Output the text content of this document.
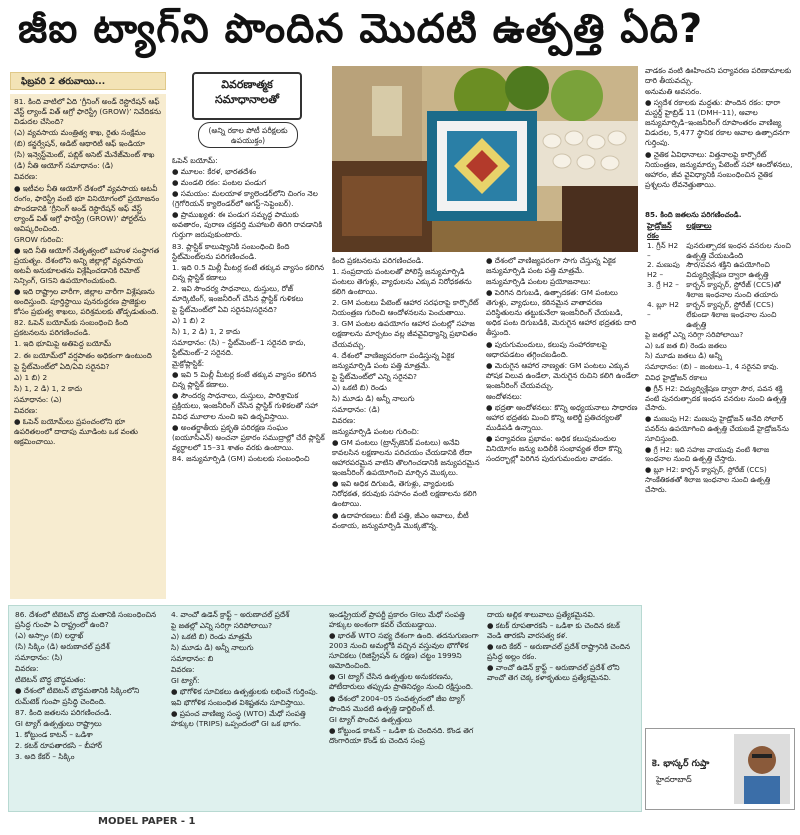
జీఐ ట్యాగ్‌ని పొందిన మొదటి ఉత్పత్తి ఏది?
ఫిబ్రవరి 2 తరువాయి...

81. కింది వాటిలో ఏది ‘గ్రీనింగ్ అండ్ రెస్టొరేషన్ ఆఫ్ వేస్ట్ ల్యాండ్ విత్ ఆగ్రో ఫారెస్ట్రీ (GROW)’ నివేదికను విడుదల చేసింది?

(ఎ) వ్యవసాయ మంత్రిత్వ శాఖ, రైతు సంక్షేమం

(బి) కన్జర్వేషన్, ఆడిట్ ఆథారిటీ ఆఫ్ ఇండియా

(సి) ఇన్వెస్ట్‌మెంట్, పబ్లిక్ అసెట్ మేనేజ్‌మెంట్ శాఖ

(డి) నీతి ఆయోగ్ సమాధానం: (డి)

వివరణ:

● ఇటీవల నీతి ఆయోగ్ దేశంలో వ్యవసాయ అటవీ రంగం, ఫారెస్ట్రీ వంటి భూ వినియోగంలో ప్రయోజనం పొందడానికి ‘గ్రీనింగ్ అండ్ రెస్టొరేషన్ ఆఫ్ వేస్ట్ ల్యాండ్ విత్ ఆగ్రో ఫారెస్ట్రీ (GROW)’ పోర్టల్‌ను ఆవిష్కరించింది.

GROW గురించి:

● ఇది నీతి ఆయోగ్ నేతృత్వంలో బహుళ సంస్థాగత ప్రయత్నం. దేశంలోని అన్ని జిల్లాల్లో వ్యవసాయ అటవీ అనుకూలతను విశ్లేషించడానికి రిమోట్ సెన్సింగ్, GISని ఉపయోగించుకుంది.

● ఇది రాష్ట్రాల వారీగా, జిల్లాల వారీగా విశ్లేషణను అందిస్తుంది. పూర్తిస్థాయి పునరుద్ధరణ ప్రాజెక్టుల కోసం ప్రభుత్వ శాఖలు, పరిశ్రమలకు తోడ్పడుతుంది.

82. ఓపెన్ బయోమ్‌కు సంబంధించి కింది ప్రకటనలను పరిగణించండి.

1. ఇది భూమిపై అతిపెద్ద బయోమ్

2. ఈ బయోమ్‌లో వర్షపాతం అధికంగా ఉంటుంది

పై స్టేట్‌మెంట్‌లో ఏది/ఏవి సరైనవి?

ఎ) 1 బి) 2

సి) 1, 2 డి) 1, 2 కాదు

సమాధానం: (ఎ)

వివరణ:

● ఓపెన్ బయోమ్‌లు ప్రపంచంలోని భూ ఉపరితలంలో దాదాపు మూడింట ఒక వంతు ఆక్రమించాయి.

వివరణాత్మక సమాధానాలతో
(అన్ని రకాల పోటీ పరీక్షలకు ఉపయుక్తం)

ఓపెన్ బయోమ్:

● మూలం: కేరళ, భారతదేశం

● మండలి రకం: పంటల పండుగ

● సమయం: మలయాళ క్యాలెండర్‌లోని చింగం నెల (గ్రెగోరియన్ క్యాలెండర్‌లో ఆగస్ట్–సెప్టెంబర్).

● ప్రాముఖ్యత: ఈ పండుగ సమృద్ధ పాముకు అవతారం, పురాణ చక్రవర్తి మహాబలి తిరిగి రావడానికి గుర్తుగా జరుపుకుంటారు.

83. ప్లాస్టిక్ కాలుష్యానికి సంబంధించి కింది స్టేట్‌మెంట్‌లను పరిగణించండి.

1. ఇది 0.5 మిల్లీ మీటర్ల కంటే తక్కువ వ్యాసం కలిగిన చిన్న ప్లాస్టిక్ కణాలు

2. ఇవి సౌందర్య సాధనాలు, దుస్తులు, రోజ్ మార్కెటింగ్, ఇంజనీరింగ్ చేసిన ప్లాస్టిక్ గుళికలు

పై స్టేట్‌మెంట్‌లో ఏవి సరైనవి/సరైనది?

ఎ) 1 బి) 2

సి) 1, 2 డి) 1, 2 కాదు

సమాధానం: (సి) – స్టేట్‌మెంట్–1 సరైనది కాదు, స్టేట్‌మెంట్–2 సరైనది.

మైక్రోప్లాస్టిక్:

● ఇవి 5 మిల్లీ మీటర్ల కంటే తక్కువ వ్యాసం కలిగిన చిన్న ప్లాస్టిక్ కణాలు.

● సౌందర్య సాధనాలు, దుస్తులు, పారిశ్రామిక ప్రక్రియలు, ఇంజనీరింగ్ చేసిన ప్లాస్టిక్ గుళికలతో సహా వివిధ మూలాల నుంచి ఇవి ఉద్భవిస్తాయి.

● అంతర్జాతీయ ప్రకృతి పరిరక్షణ సంఘం (ఐయూసీఎన్) అంచనా ప్రకారం సముద్రాల్లో చేరే ప్లాస్టిక్ వ్యర్థాలలో 15–31 శాతం వరకు ఉంటాయి.

84. జన్యుమార్పిడి (GM) పంటలకు సంబంధించి

కింది ప్రకటనలను పరిగణించండి.

1. సంప్రదాయ పంటలతో పోలిస్తే జన్యుమార్పిడి పంటలు తెగుళ్లు, వ్యాధులను ఎక్కువ నిరోధకతను కలిగి ఉంటాయి.

2. GM పంటలు పేటెంట్ ఆహార సరఫరాపై కార్పొరేట్ నియంత్రణ గురించి ఆందోళనలను పెంచుతాయి.

3. GM పంటల ఉపయోగం ఆహార పంటల్లో సహజ లక్షణాలను మార్చటం వల్ల జీవవైవిధ్యాన్ని ప్రభావితం చేయవచ్చు.

4. దేశంలో వాణిజ్యపరంగా పండిస్తున్న ఏకైక జన్యుమార్పిడి పంట పత్తి మాత్రమే.

పై స్టేట్‌మెంట్‌లో ఎన్ని సరైనవి?

ఎ) ఒకటి బి) రెండు

సి) మూడు డి) అన్నీ నాలుగు

సమాధానం: (డి)

వివరణ:

జన్యుమార్పిడి పంటల గురించి:

● GM పంటలు (ట్రాన్స్‌జెనిక్ పంటలు) అనేవి కావలసిన లక్షణాలను పరిచయం చేయడానికి లేదా ఆహారపరమైన వాటిని తొలగించడానికి జన్యుపరమైన ఇంజనీరింగ్ ఉపయోగించి మార్చిన మొక్కలు.

● ఇవి అధిక దిగుబడి, తెగుళ్లు, వ్యాధులకు నిరోధకత, కరువుకు సహనం వంటి లక్షణాలను కలిగి ఉంటాయి.

● ఉదాహరణలు: బీటీ పత్తి, జీఎం ఆవాలు, బీటీ వంకాయ, జన్యుమార్పిడి మొక్కజొన్న.

● దేశంలో వాణిజ్యపరంగా సాగు చేస్తున్న ఏకైక జన్యుమార్పిడి పంట పత్తి మాత్రమే.

జన్యుమార్పిడి పంటల ప్రయోజనాలు:

● పెరిగిన దిగుబడి, ఉత్పాదకత: GM పంటలు తెగుళ్లు, వ్యాధులు, కఠినమైన వాతావరణ పరిస్థితులను తట్టుకునేలా ఇంజనీరింగ్ చేయబడి, అధిక పంట దిగుబడికి, మెరుగైన ఆహార భద్రతకు దారి తీస్తుంది.

● పురుగుమందులు, కలుపు సంహారకాలపై ఆధారపడటం తగ్గించబడింది.

● మెరుగైన ఆహార నాణ్యత: GM పంటలు ఎక్కువ పోషక విలువ ఉండేలా, మెరుగైన రుచిని కలిగి ఉండేలా ఇంజనీరింగ్ చేయవచ్చు.

ఆందోళనలు:

● భద్రతా ఆందోళనలు: కొన్ని అధ్యయనాలు సాధారణ ఆహార భద్రతకు మించి కొన్ని అలెర్జీ ప్రతిచర్యలతో ముడిపడి ఉన్నాయి.

● పర్యావరణ ప్రభావం: అధిక కలుపుమందుల వినియోగం జన్యు బదిలీకి సంభావ్యత లేదా కొన్ని సందర్భాల్లో పెరిగిన పురుగుమందుల వాడకం.

వాడకం వంటి ఊహించని పర్యావరణ పరిణామాలకు దారి తీయవచ్చు.

అనుమతి అవసరం.

● స్వదేశ రకాలకు మద్దతు: పొందిన రకం: ధారా మస్టర్డ్ హైబ్రిడ్ 11 (DMH–11), ఆవాల జన్యుమార్పిడి–ఇంజనీరింగ్ రూపాంతరం వాణిజ్య విడుదల, 5,477 స్థానిక రకాల ఆవాల ఉత్పాదనగా గుర్తింపు.

● నైతిక ఏవిధానాలు: విత్తనాలపై కార్పొరేట్ నియంత్రణ, జన్యుమార్పు పేటెంట్ సహా ఆందోళనలు, ఆహారం, జీవ వైవిధ్యానికి సంబంధించిన నైతిక ప్రశ్నలను లేవనెత్తుతాయి.

85. కింది జతలను పరిగణించండి.

హైడ్రోజన్ రకం	లక్షణాలు
1. గ్రీన్ H2 –	పునరుత్పాదక ఇంధన వనరుల నుంచి ఉత్పత్తి చేయబడింది
2. మణుపు H2 –	సౌర/పవన శక్తిని ఉపయోగించి విద్యుద్విశ్లేషణ ద్వారా ఉత్పత్తి
3. గ్రే H2 –	కార్బన్ క్యాప్చర్, స్టోరేజ్ (CCS)తో శిలాజ ఇంధనాల నుంచి తయారు
4. బ్లూ H2 –	కార్బన్ క్యాప్చర్, స్టోరేజ్ (CCS) లేకుండా శిలాజ ఇంధనాల నుంచి ఉత్పత్తి

పై జతల్లో ఎన్ని సరిగ్గా సరిపోలాయి?

ఎ) ఒక జత బి) రెండు జతలు

సి) మూడు జతలు డి) అన్నీ

సమాధానం: (బి) – జంటలు–1, 4 సరైనవి కావు.

వివిధ హైడ్రోజన్ రకాలు

● గ్రీన్ H2: విద్యుద్విశ్లేషణ ద్వారా సౌర, పవన శక్తి వంటి పునరుత్పాదక ఇంధన వనరుల నుంచి ఉత్పత్తి చేసారు.

● మణుపు H2: మణుపు హైడ్రోజన్ అనేది సోలార్ పవర్‌ను ఉపయోగించి ఉత్పత్తి చేయబడే హైడ్రోజన్‌ను సూచిస్తుంది.

● గ్రే H2: ఇది సహజ వాయువు వంటి శిలాజ ఇంధనాల నుంచి ఉత్పత్తి చేస్తారు.

● బ్లూ H2: కార్బన్ క్యాప్చర్, స్టోరేజ్ (CCS) సాంకేతికతతో శిలాజ ఇంధనాల నుంచి ఉత్పత్తి చేసారు.

86. దేశంలో టిబెటన్ బౌద్ధ మతానికి సంబంధించిన ప్రసిద్ధ గుంపా ఏ రాష్ట్రంలో ఉంది?

(ఎ) అస్సాం (బి) లద్దాఖ్

(సి) సిక్కిం (డి) అరుణాచల్ ప్రదేశ్

సమాధానం: (సి)

వివరణ:

టిబెటన్ బౌద్ధ బౌద్ధమతం:

● దేశంలో టిబెటన్ బౌద్ధమతానికి సిక్కింలోని రుమ్‌టెక్ గుంపా ప్రసిద్ధి చెందింది.

87. కింది జతలను పరిగణించండి.

GI ట్యాగ్ ఉత్పత్తులు రాష్ట్రాలు

1. కోట్టుండ కాటన్ – ఒడిశా

2. కటక్ రూపతారకసి – బీహార్

3. అది కేకర్ – సిక్కిం

4. వాంచో ఉడెన్ క్రాఫ్ట్ – అరుణాచల్ ప్రదేశ్

పై జతల్లో ఎన్ని సరిగ్గా సరిపోలాయి?

ఎ) ఒకటి బి) రెండు మాత్రమే

సి) మూడు డి) అన్నీ నాలుగు

సమాధానం: బి

వివరణ:

GI ట్యాగ్:

● భౌగోళిక సూచికలు ఉత్పత్తులకు లభించే గుర్తింపు. ఇవి భౌగోళిక సంబంధిత విశిష్టతను సూచిస్తాయి.

● ప్రపంచ వాణిజ్య సంస్థ (WTO) మేధో సంపత్తి హక్కుల (TRIPS) ఒప్పందంలో GI ఒక భాగం.

ఇండస్ట్రియల్ ప్రాపర్టీ ప్రకారం GIలు మేధో సంపత్తి హక్కుల అంశంగా కవర్ చేయబడ్డాయి.

● భారత్ WTO సభ్య దేశంగా ఉంది. తదనుగుణంగా 2003 నుంచి అమల్లోకి వచ్చిన వస్తువుల భౌగోళిక సూచికలు (రిజిస్ట్రేషన్ & రక్షణ) చట్టం 1999ని ఆమోదించింది.

● GI ట్యాగ్ చేసిన ఉత్పత్తుల అనుకరణను, పోటీదారులు తప్పుడు ప్రాతినిధ్యం నుంచి రక్షిస్తుంది.

● దేశంలో 2004–05 సంవత్సరంలో జీఐ ట్యాగ్ పొందిన మొదటి ఉత్పత్తి డార్జిలింగ్ టీ.

GI ట్యాగ్ పొందిన ఉత్పత్తులు

● కోట్టుండ కాటన్ – ఒడిశా కు చెందినది. కొండ తెగ దొంగారియా కొండ్ కు చెందిన సంప్ర

దాయ అల్లిక శాలువాలు ప్రత్యేకమైనవి.

● కటక్ రూపతారకసి – ఒడిశా కు చెందిన కటక్ వెండి తారకసి వారసత్వ కళ.

● ఆది కేకర్ – అరుణాచల్ ప్రదేశ్ రాష్ట్రానికి చెందిన ప్రసిద్ధ అల్లం రకం.

● వాంచో ఉడెన్ క్రాఫ్ట్ – అరుణాచల్ ప్రదేశ్ లోని వాంచో తెగ చెక్క కళాకృతులు ప్రత్యేకమైనవి.

కె. భాస్కర్ గుప్తా
హైదరాబాద్
MODEL PAPER - 1
